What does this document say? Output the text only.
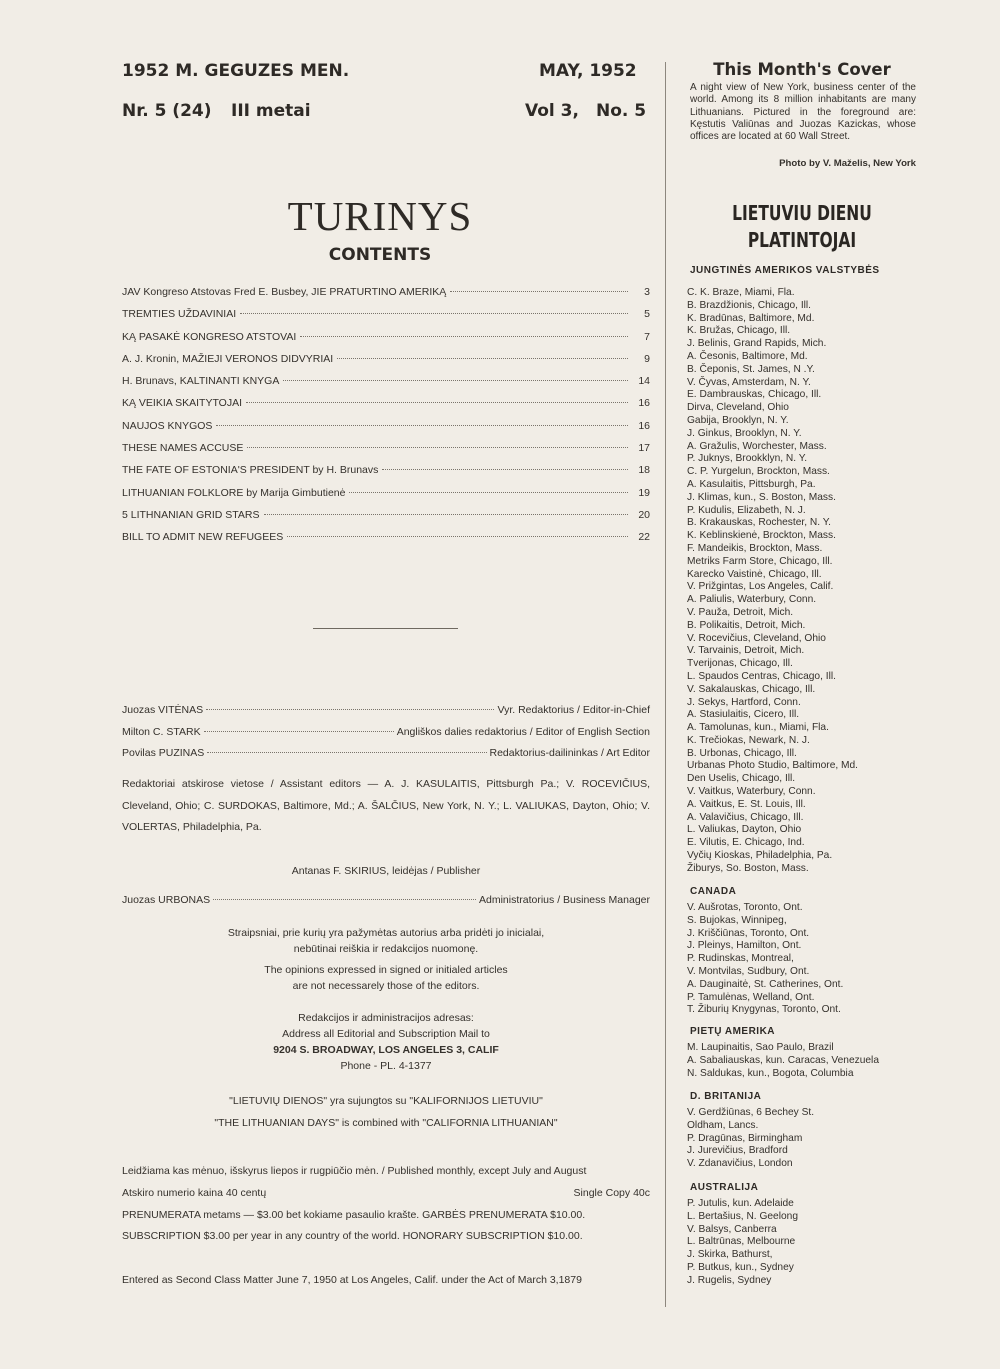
1952 M. GEGUZES MEN.
Nr. 5 (24) III metai
MAY, 1952
Vol 3, No. 5
TURINYS
CONTENTS
JAV Kongreso Atstovas Fred E. Busbey, JIE PRATURTINO AMERIKĄ	3
TREMTIES UŽDAVINIAI	5
KĄ PASAKĖ KONGRESO ATSTOVAI	7
A. J. Kronin, MAŽIEJI VERONOS DIDVYRIAI	9
H. Brunavs, KALTINANTI KNYGA	14
KĄ VEIKIA SKAITYTOJAI	16
NAUJOS KNYGOS	16
THESE NAMES ACCUSE	17
THE FATE OF ESTONIA'S PRESIDENT by H. Brunavs	18
LITHUANIAN FOLKLORE by Marija Gimbutienė	19
5 LITHNANIAN GRID STARS	20
BILL TO ADMIT NEW REFUGEES	22
Juozas VITĖNAS	Vyr. Redaktorius / Editor-in-Chief
Milton C. STARK	Angliškos dalies redaktorius / Editor of English Section
Povilas PUZINAS	Redaktorius-dailininkas / Art Editor
Redaktoriai atskirose vietose / Assistant editors — A. J. KASULAITIS, Pittsburgh Pa.; V. ROCEVIČIUS, Cleveland, Ohio; C. SURDOKAS, Baltimore, Md.; A. ŠALČIUS, New York, N. Y.; L. VALIUKAS, Dayton, Ohio; V. VOLERTAS, Philadelphia, Pa.
Antanas F. SKIRIUS, leidėjas / Publisher
Juozas URBONAS	Administratorius / Business Manager
Straipsniai, prie kurių yra pažymėtas autorius arba pridėti jo inicialai,
nebūtinai reiškia ir redakcijos nuomonę.
The opinions expressed in signed or initialed articles
are not necessarely those of the editors.
Redakcijos ir administracijos adresas:
Address all Editorial and Subscription Mail to
9204 S. BROADWAY, LOS ANGELES 3, CALIF
Phone - PL. 4-1377
"LIETUVIŲ DIENOS" yra sujungtos su "KALIFORNIJOS LIETUVIU"
"THE LITHUANIAN DAYS" is combined with "CALIFORNIA LITHUANIAN"
Leidžiama kas mėnuo, išskyrus liepos ir rugpiūčio mėn. / Published monthly, except July and August
Atskiro numerio kaina 40 centų	Single Copy 40c
PRENUMERATA metams — $3.00 bet kokiame pasaulio krašte. GARBĖS PRENUMERATA $10.00.
SUBSCRIPTION $3.00 per year in any country of the world. HONORARY SUBSCRIPTION $10.00.
Entered as Second Class Matter June 7, 1950 at Los Angeles, Calif. under the Act of March 3,1879
This Month's Cover
A night view of New York, business center of the world. Among its 8 million inhabitants are many Lithuanians. Pictured in the foreground are: Kęstutis Valiūnas and Juozas Kazickas, whose offices are located at 60 Wall Street.
Photo by V. Maželis, New York
LIETUVIU DIENU
PLATINTOJAI
JUNGTINĖS AMERIKOS VALSTYBĖS
C. K. Braze, Miami, Fla.
B. Brazdžionis, Chicago, Ill.
K. Bradūnas, Baltimore, Md.
K. Bružas, Chicago, Ill.
J. Belinis, Grand Rapids, Mich.
A. Česonis, Baltimore, Md.
B. Čeponis, St. James, N .Y.
V. Čyvas, Amsterdam, N. Y.
E. Dambrauskas, Chicago, Ill.
Dirva, Cleveland, Ohio
Gabija, Brooklyn, N. Y.
J. Ginkus, Brooklyn, N. Y.
A. Gražulis, Worchester, Mass.
P. Juknys, Brookklyn, N. Y.
C. P. Yurgelun, Brockton, Mass.
A. Kasulaitis, Pittsburgh, Pa.
J. Klimas, kun., S. Boston, Mass.
P. Kudulis, Elizabeth, N. J.
B. Krakauskas, Rochester, N. Y.
K. Keblinskienė, Brockton, Mass.
F. Mandeikis, Brockton, Mass.
Metriks Farm Store, Chicago, Ill.
Karecko Vaistinė, Chicago, Ill.
V. Prižgintas, Los Angeles, Calif.
A. Paliulis, Waterbury, Conn.
V. Pauža, Detroit, Mich.
B. Polikaitis, Detroit, Mich.
V. Rocevičius, Cleveland, Ohio
V. Tarvainis, Detroit, Mich.
Tverijonas, Chicago, Ill.
L. Spaudos Centras, Chicago, Ill.
V. Sakalauskas, Chicago, Ill.
J. Sekys, Hartford, Conn.
A. Stasiulaitis, Cicero, Ill.
A. Tamolunas, kun., Miami, Fla.
K. Trečiokas, Newark, N. J.
B. Urbonas, Chicago, Ill.
Urbanas Photo Studio, Baltimore, Md.
Den Uselis, Chicago, Ill.
V. Vaitkus, Waterbury, Conn.
A. Vaitkus, E. St. Louis, Ill.
A. Valavičius, Chicago, Ill.
L. Valiukas, Dayton, Ohio
E. Vilutis, E. Chicago, Ind.
Vyčių Kioskas, Philadelphia, Pa.
Žiburys, So. Boston, Mass.
CANADA
V. Aušrotas, Toronto, Ont.
S. Bujokas, Winnipeg,
J. Kriščiūnas, Toronto, Ont.
J. Pleinys, Hamilton, Ont.
P. Rudinskas, Montreal,
V. Montvilas, Sudbury, Ont.
A. Dauginaitė, St. Catherines, Ont.
P. Tamulėnas, Welland, Ont.
T. Žiburių Knygynas, Toronto, Ont.
PIETŲ AMERIKA
M. Laupinaitis, Sao Paulo, Brazil
A. Sabaliauskas, kun. Caracas, Venezuela
N. Saldukas, kun., Bogota, Columbia
D. BRITANIJA
V. Gerdžiūnas, 6 Bechey St.
Oldham, Lancs.
P. Dragūnas, Birmingham
J. Jurevičius, Bradford
V. Zdanavičius, London
AUSTRALIJA
P. Jutulis, kun. Adelaide
L. Bertašius, N. Geelong
V. Balsys, Canberra
L. Baltrūnas, Melbourne
J. Skirka, Bathurst,
P. Butkus, kun., Sydney
J. Rugelis, Sydney
